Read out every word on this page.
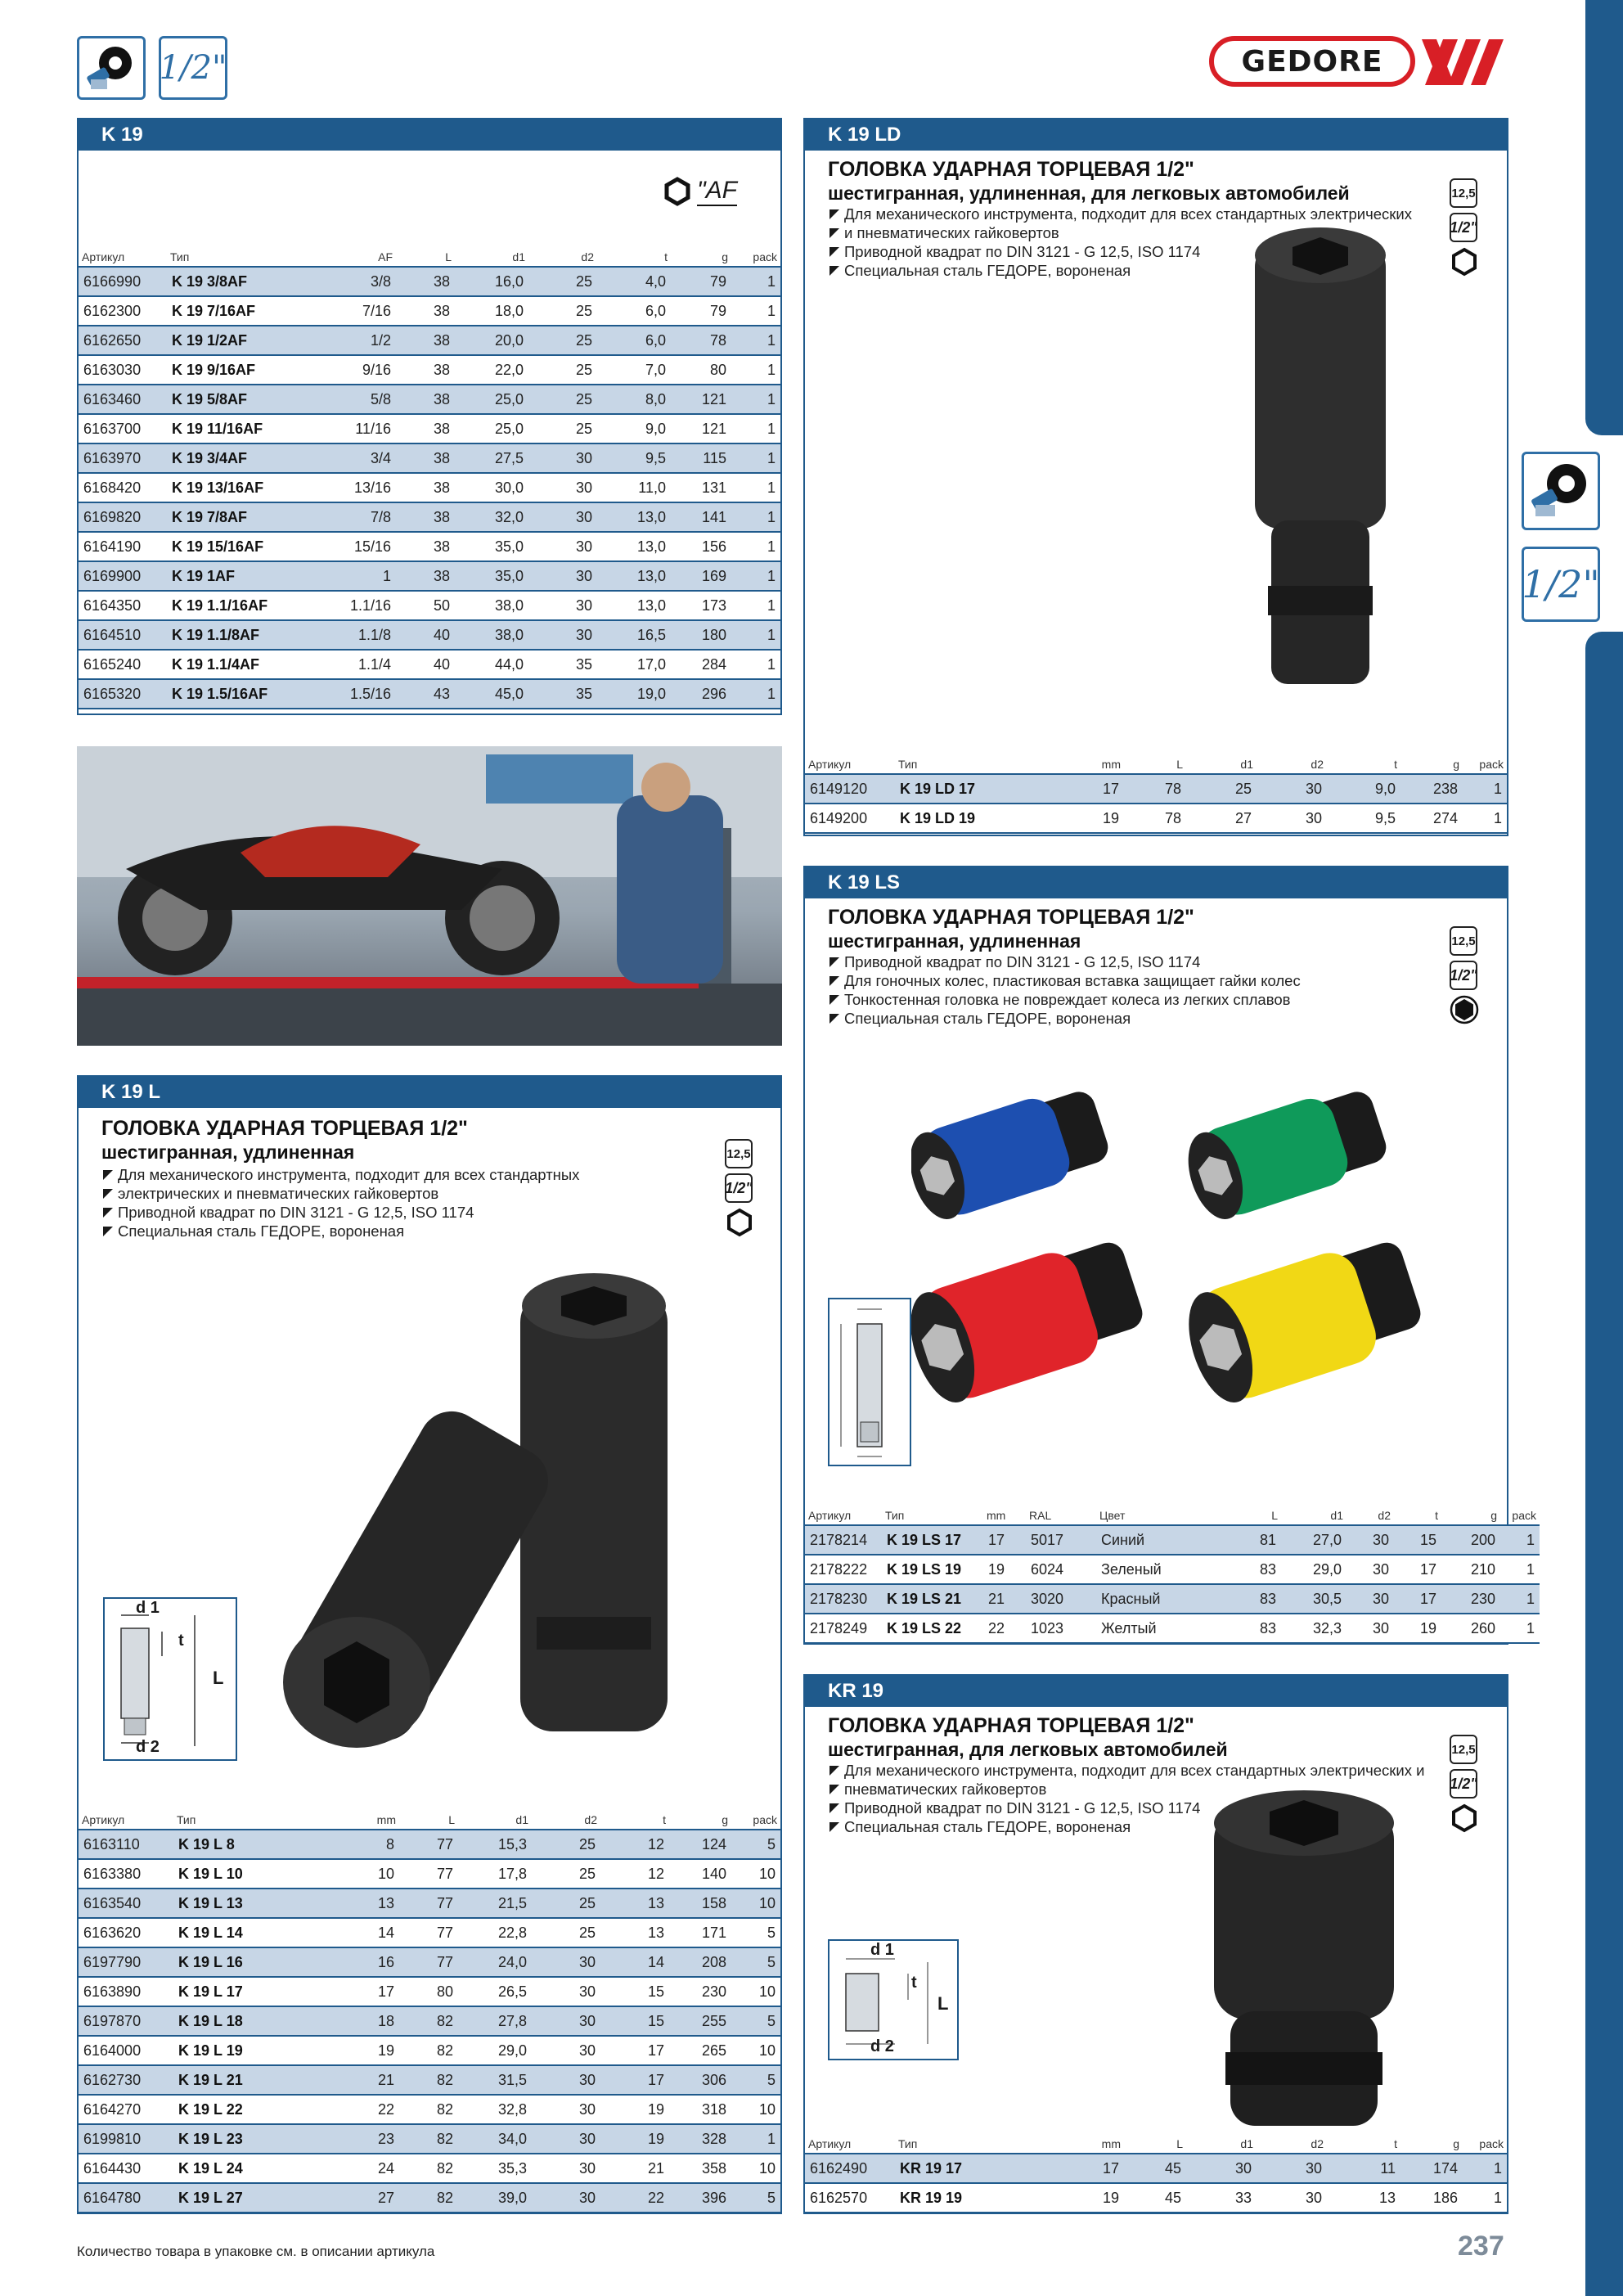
1/2"	GEDORE
1/2"
K 19
"AF
Артикул	Тип	AF	L	d1	d2	t	g	pack
6166990	K 19 3/8AF	3/8	38	16,0	25	4,0	79	1
6162300	K 19 7/16AF	7/16	38	18,0	25	6,0	79	1
6162650	K 19 1/2AF	1/2	38	20,0	25	6,0	78	1
6163030	K 19 9/16AF	9/16	38	22,0	25	7,0	80	1
6163460	K 19 5/8AF	5/8	38	25,0	25	8,0	121	1
6163700	K 19 11/16AF	11/16	38	25,0	25	9,0	121	1
6163970	K 19 3/4AF	3/4	38	27,5	30	9,5	115	1
6168420	K 19 13/16AF	13/16	38	30,0	30	11,0	131	1
6169820	K 19 7/8AF	7/8	38	32,0	30	13,0	141	1
6164190	K 19 15/16AF	15/16	38	35,0	30	13,0	156	1
6169900	K 19 1AF	1	38	35,0	30	13,0	169	1
6164350	K 19 1.1/16AF	1.1/16	50	38,0	30	13,0	173	1
6164510	K 19 1.1/8AF	1.1/8	40	38,0	30	16,5	180	1
6165240	K 19 1.1/4AF	1.1/4	40	44,0	35	17,0	284	1
6165320	K 19 1.5/16AF	1.5/16	43	45,0	35	19,0	296	1
K 19 L
ГОЛОВКА УДАРНАЯ ТОРЦЕВАЯ 1/2"
шестигранная, удлиненная
Для механического инструмента, подходит для всех стандартных
электрических и пневматических гайковертов
Приводной квадрат по DIN 3121 - G 12,5, ISO 1174
Специальная сталь ГЕДОРЕ, вороненая
12,5
1/2"
d 1
t
L
d 2
Артикул	Тип	mm	L	d1	d2	t	g	pack
6163110	K 19 L 8	8	77	15,3	25	12	124	5
6163380	K 19 L 10	10	77	17,8	25	12	140	10
6163540	K 19 L 13	13	77	21,5	25	13	158	10
6163620	K 19 L 14	14	77	22,8	25	13	171	5
6197790	K 19 L 16	16	77	24,0	30	14	208	5
6163890	K 19 L 17	17	80	26,5	30	15	230	10
6197870	K 19 L 18	18	82	27,8	30	15	255	5
6164000	K 19 L 19	19	82	29,0	30	17	265	10
6162730	K 19 L 21	21	82	31,5	30	17	306	5
6164270	K 19 L 22	22	82	32,8	30	19	318	10
6199810	K 19 L 23	23	82	34,0	30	19	328	1
6164430	K 19 L 24	24	82	35,3	30	21	358	10
6164780	K 19 L 27	27	82	39,0	30	22	396	5
K 19 LD
ГОЛОВКА УДАРНАЯ ТОРЦЕВАЯ 1/2"
шестигранная, удлиненная, для легковых автомобилей
Для механического инструмента, подходит для всех стандартных электрических
и пневматических гайковертов
Приводной квадрат по DIN 3121 - G 12,5, ISO 1174
Специальная сталь ГЕДОРЕ, вороненая
12,5
1/2"
Артикул	Тип	mm	L	d1	d2	t	g	pack
6149120	K 19 LD 17	17	78	25	30	9,0	238	1
6149200	K 19 LD 19	19	78	27	30	9,5	274	1
K 19 LS
ГОЛОВКА УДАРНАЯ ТОРЦЕВАЯ 1/2"
шестигранная, удлиненная
Приводной квадрат по DIN 3121 - G 12,5, ISO 1174
Для гоночных колес, пластиковая вставка защищает гайки колес
Тонкостенная головка не повреждает колеса из легких сплавов
Специальная сталь ГЕДОРЕ, вороненая
12,5
1/2"
Артикул	Тип	mm	RAL	Цвет	L	d1	d2	t	g	pack
2178214	K 19 LS 17	17	5017	Синий	81	27,0	30	15	200	1
2178222	K 19 LS 19	19	6024	Зеленый	83	29,0	30	17	210	1
2178230	K 19 LS 21	21	3020	Красный	83	30,5	30	17	230	1
2178249	K 19 LS 22	22	1023	Желтый	83	32,3	30	19	260	1
KR 19
ГОЛОВКА УДАРНАЯ ТОРЦЕВАЯ 1/2"
шестигранная, для легковых автомобилей
Для механического инструмента, подходит для всех стандартных электрических и
пневматических гайковертов
Приводной квадрат по DIN 3121 - G 12,5, ISO 1174
Специальная сталь ГЕДОРЕ, вороненая
12,5
1/2"
d 1
t
L
d 2
Артикул	Тип	mm	L	d1	d2	t	g	pack
6162490	KR 19 17	17	45	30	30	11	174	1
6162570	KR 19 19	19	45	33	30	13	186	1
Количество товара в упаковке см. в описании артикула	237
